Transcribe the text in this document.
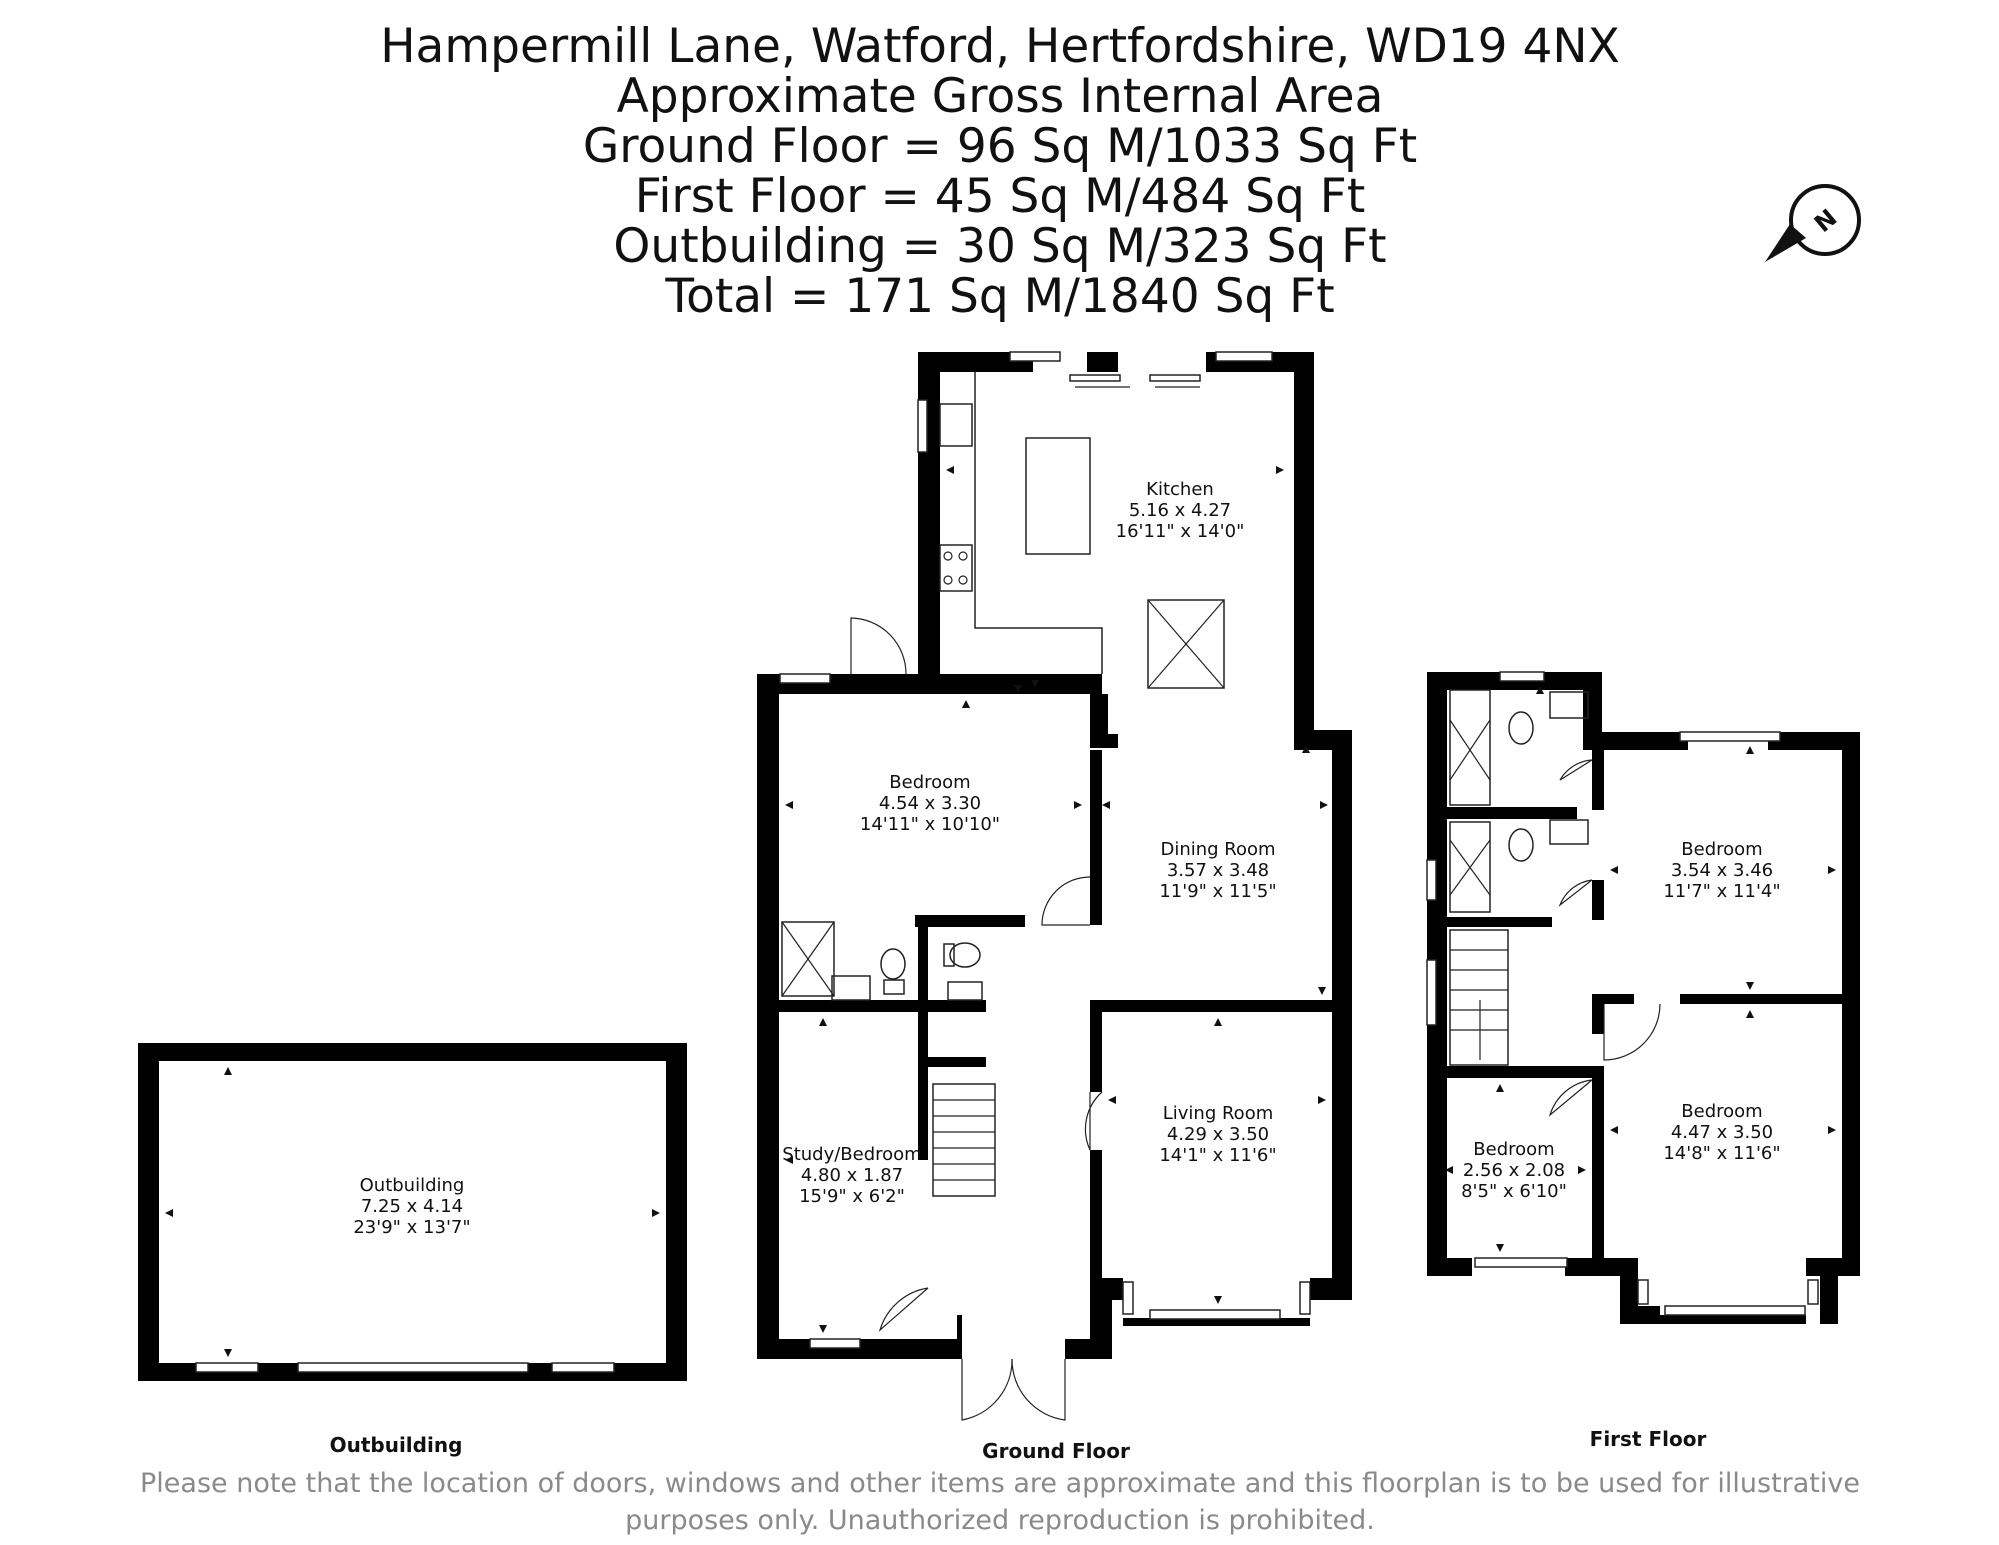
Hampermill Lane, Watford, Hertfordshire, WD19 4NX
Approximate Gross Internal Area
Ground Floor = 96 Sq M/1033 Sq Ft
First Floor = 45 Sq M/484 Sq Ft
Outbuilding = 30 Sq M/323 Sq Ft
Total = 171 Sq M/1840 Sq Ft
N
Kitchen
5.16 x 4.27
16'11" x 14'0"
Dining Room
3.57 x 3.48
11'9" x 11'5"
Bedroom
4.54 x 3.30
14'11" x 10'10"
Living Room
4.29 x 3.50
14'1" x 11'6"
Study/Bedroom
4.80 x 1.87
15'9" x 6'2"
Outbuilding
7.25 x 4.14
23'9" x 13'7"
Bedroom
3.54 x 3.46
11'7" x 11'4"
Bedroom
4.47 x 3.50
14'8" x 11'6"
Bedroom
2.56 x 2.08
8'5" x 6'10"
Outbuilding	Ground Floor	First Floor
Please note that the location of doors, windows and other items are approximate and this floorplan is to be used for illustrative
purposes only. Unauthorized reproduction is prohibited.
